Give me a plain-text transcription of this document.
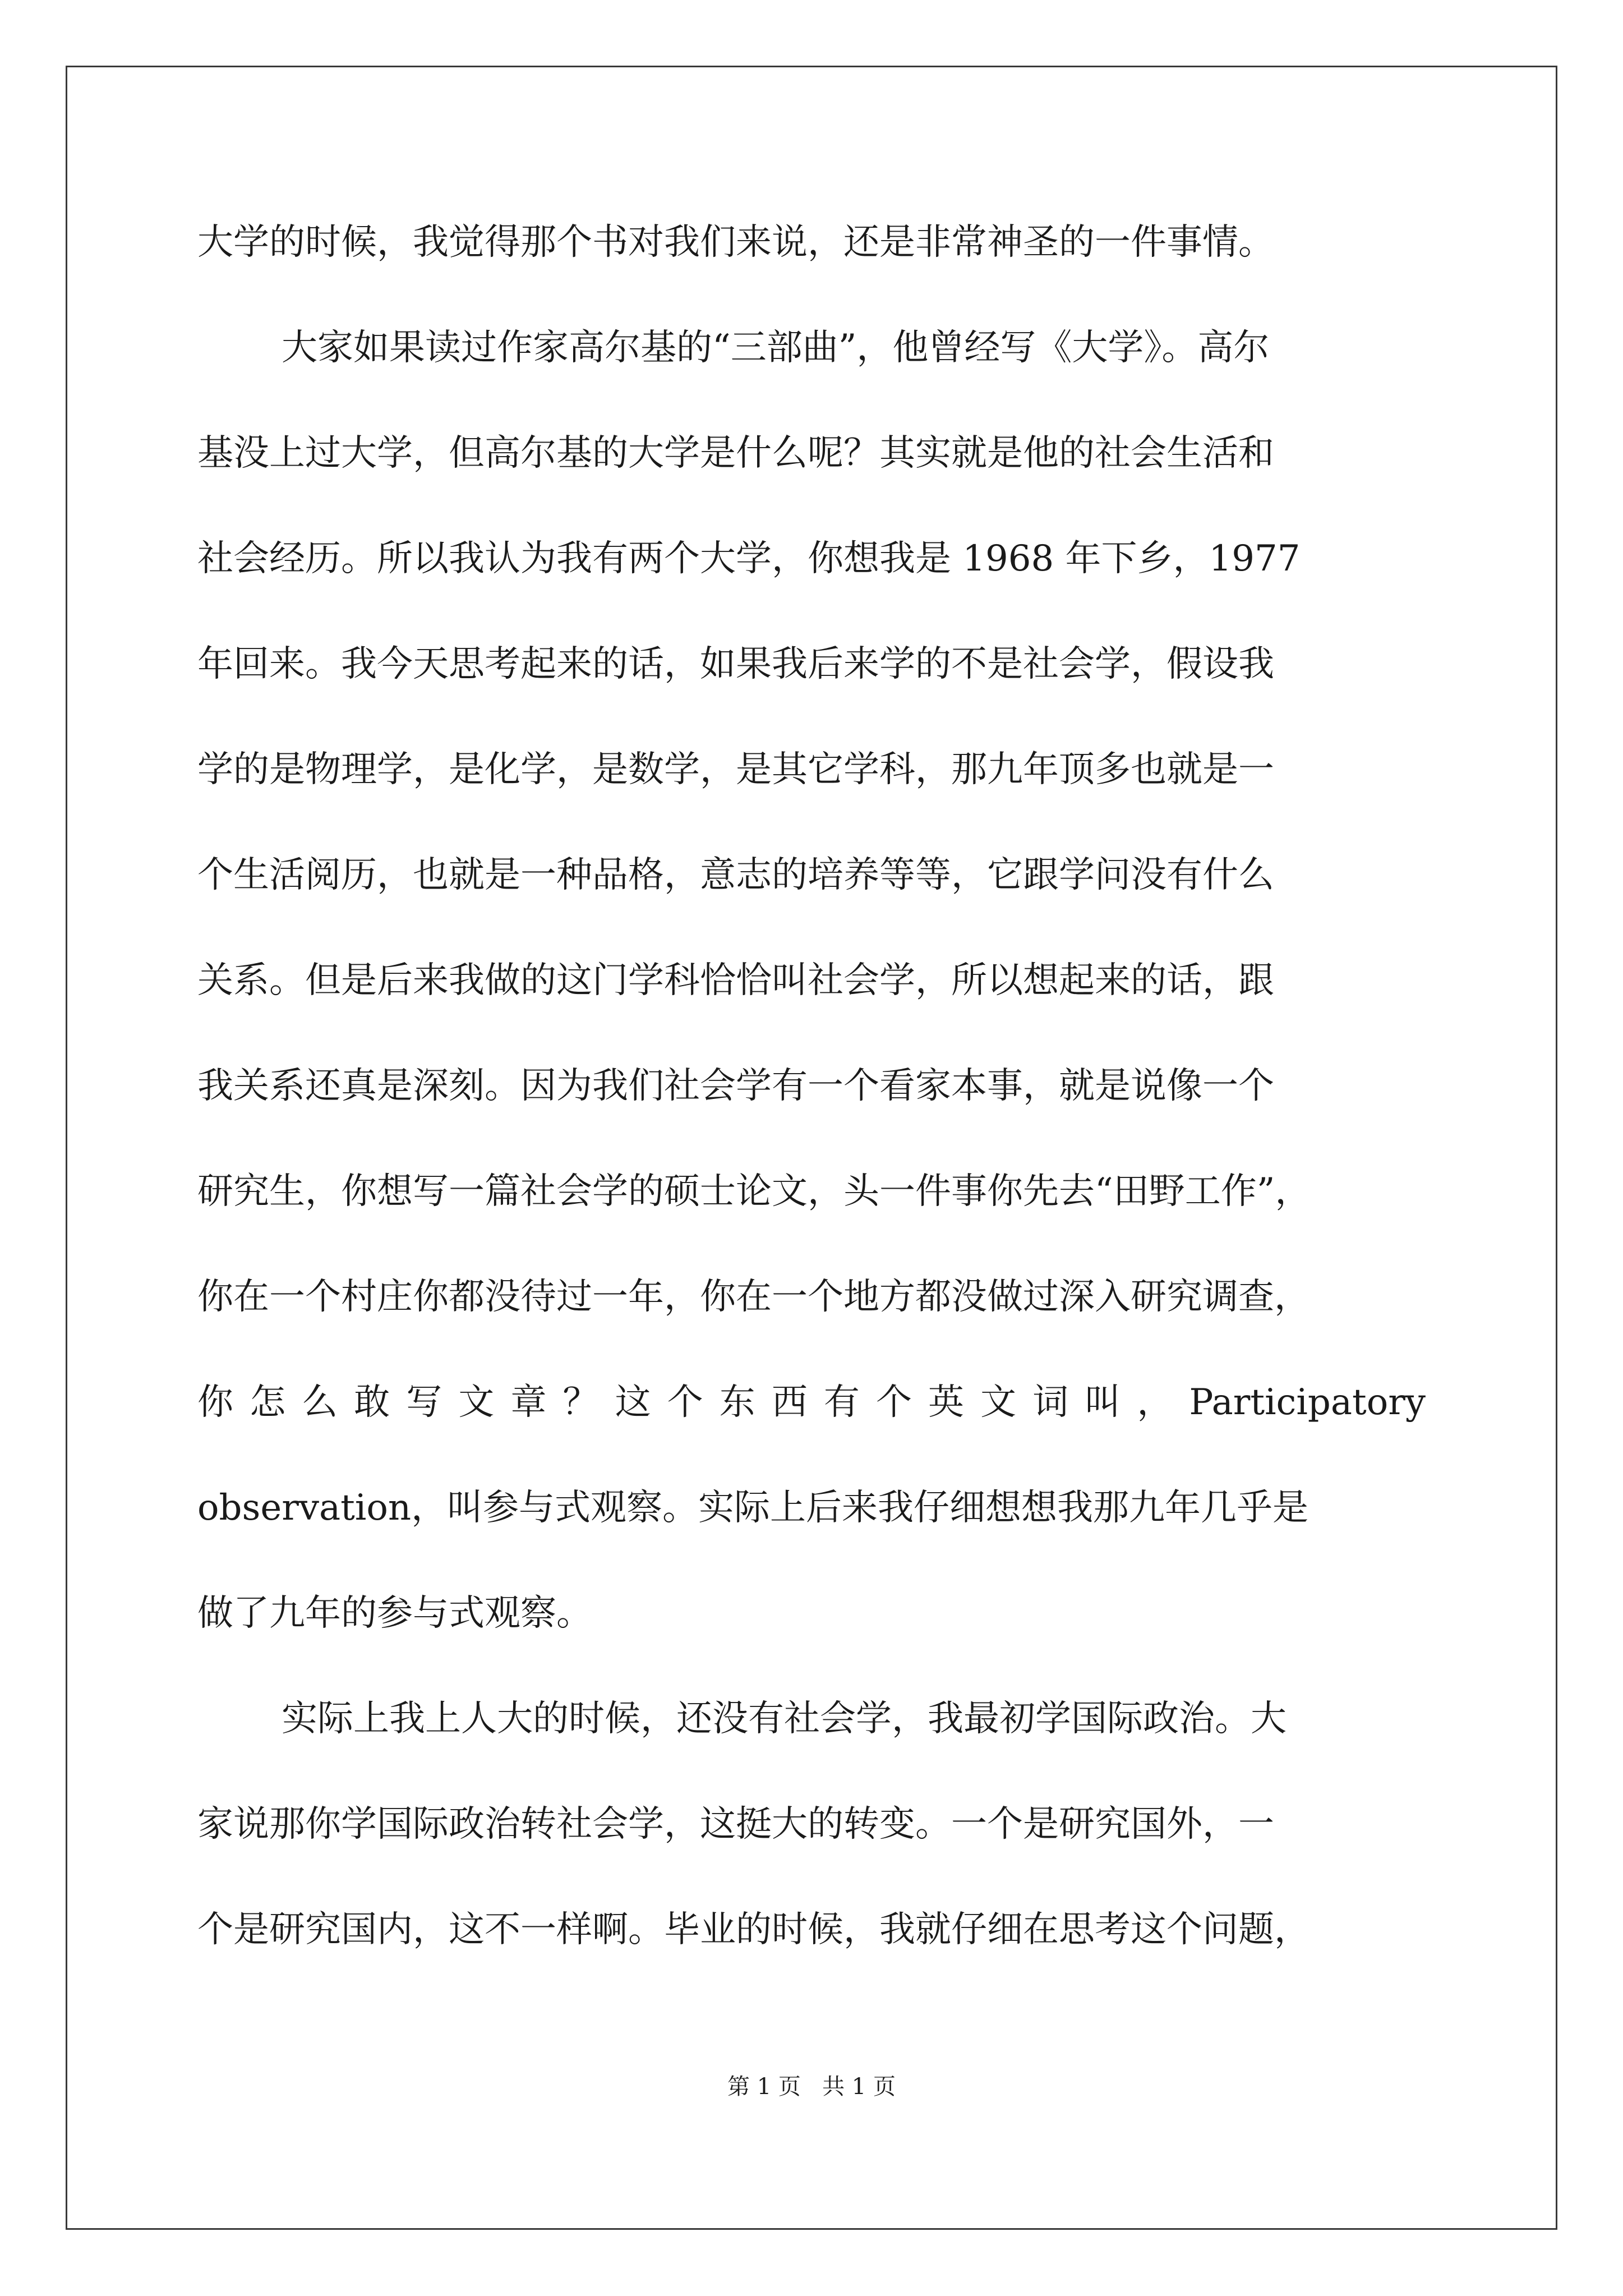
大学的时候，我觉得那个书对我们来说，还是非常神圣的一件事情。
大家如果读过作家高尔基的“三部曲”，他曾经写《大学》。高尔
基没上过大学，但高尔基的大学是什么呢？其实就是他的社会生活和
社会经历。所以我认为我有两个大学，你想我是 1968 年下乡，1977
年回来。我今天思考起来的话，如果我后来学的不是社会学，假设我
学的是物理学，是化学，是数学，是其它学科，那九年顶多也就是一
个生活阅历，也就是一种品格，意志的培养等等，它跟学问没有什么
关系。但是后来我做的这门学科恰恰叫社会学，所以想起来的话，跟
我关系还真是深刻。因为我们社会学有一个看家本事，就是说像一个
研究生，你想写一篇社会学的硕士论文，头一件事你先去“田野工作”，
你在一个村庄你都没待过一年，你在一个地方都没做过深入研究调查，
你怎么敢写文章？这个东西有个英文词叫，Participatory
observation，叫参与式观察。实际上后来我仔细想想我那九年几乎是
做了九年的参与式观察。
实际上我上人大的时候，还没有社会学，我最初学国际政治。大
家说那你学国际政治转社会学，这挺大的转变。一个是研究国外，一
个是研究国内，这不一样啊。毕业的时候，我就仔细在思考这个问题，
第 1 页 共 1 页
